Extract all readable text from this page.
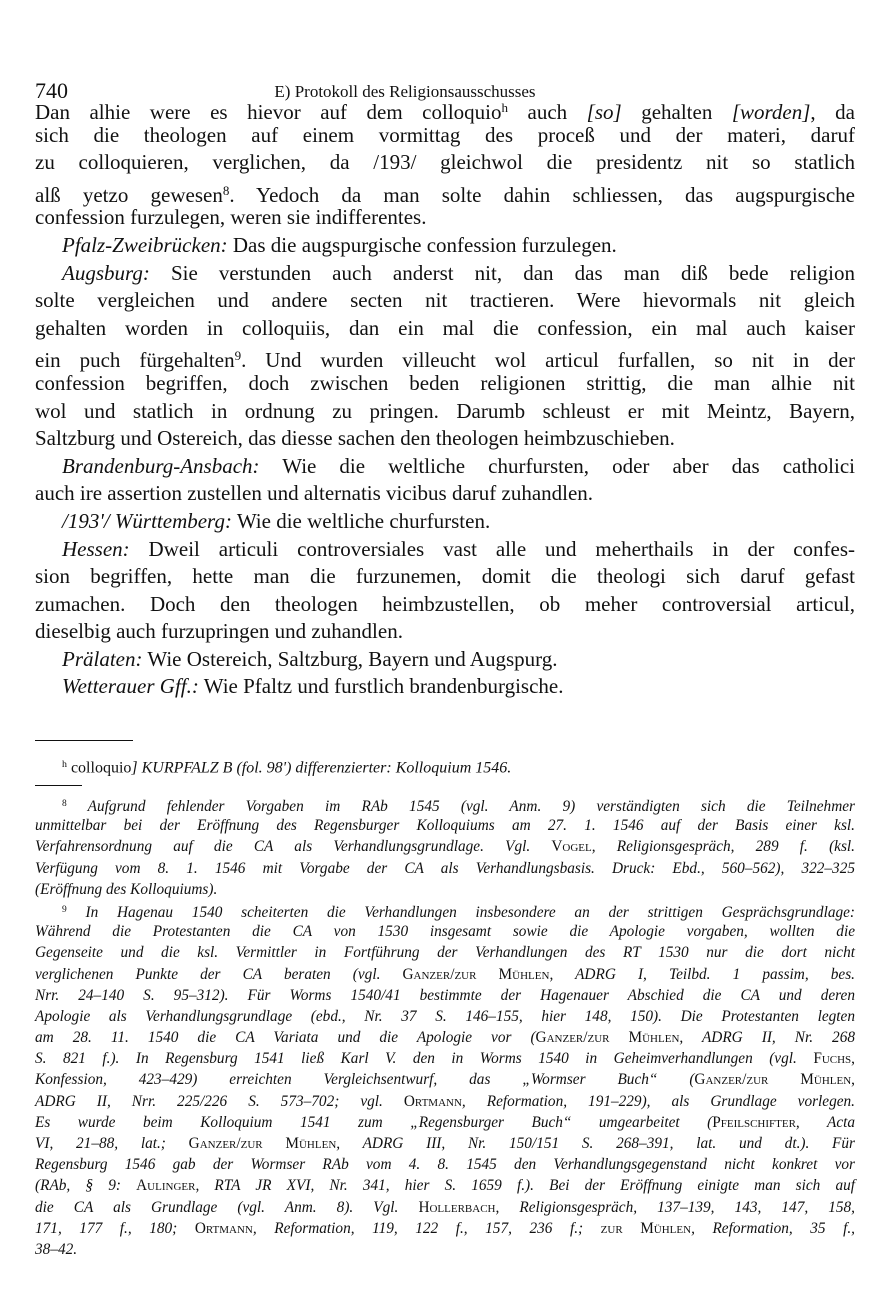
740	E) Protokoll des Religionsausschusses
Dan alhie were es hievor auf dem colloquio$^h$ auch [so] gehalten [worden], da
sich die theologen auf einem vormittag des proceß und der materi, daruf
zu colloquieren, verglichen, da /193/ gleichwol die presidentz nit so statlich
alß yetzo gewesen$^8$. Yedoch da man solte dahin schliessen, das augspurgische
confession furzulegen, weren sie indifferentes.
Pfalz-Zweibrücken: Das die augspurgische confession furzulegen.
Augsburg: Sie verstunden auch anderst nit, dan das man diß bede religion
solte vergleichen und andere secten nit tractieren. Were hievormals nit gleich
gehalten worden in colloquiis, dan ein mal die confession, ein mal auch kaiser
ein puch fürgehalten$^9$. Und wurden villeucht wol articul furfallen, so nit in der
confession begriffen, doch zwischen beden religionen strittig, die man alhie nit
wol und statlich in ordnung zu pringen. Darumb schleust er mit Meintz, Bayern,
Saltzburg und Ostereich, das diesse sachen den theologen heimbzuschieben.
Brandenburg-Ansbach: Wie die weltliche churfursten, oder aber das catholici
auch ire assertion zustellen und alternatis vicibus daruf zuhandlen.
/193'/ Württemberg: Wie die weltliche churfursten.
Hessen: Dweil articuli controversiales vast alle und meherthails in der confes-
sion begriffen, hette man die furzunemen, domit die theologi sich daruf gefast
zumachen. Doch den theologen heimbzustellen, ob meher controversial articul,
dieselbig auch furzupringen und zuhandlen.
Prälaten: Wie Ostereich, Saltzburg, Bayern und Augspurg.
Wetterauer Gff.: Wie Pfaltz und furstlich brandenburgische.
$^h$ colloquio] KURPFALZ B (fol. 98') differenzierter: Kolloquium 1546.
$^8$ Aufgrund fehlender Vorgaben im RAb 1545 (vgl. Anm. 9) verständigten sich die Teilnehmer
unmittelbar bei der Eröffnung des Regensburger Kolloquiums am 27. 1. 1546 auf der Basis einer ksl.
Verfahrensordnung auf die CA als Verhandlungsgrundlage. Vgl. Vogel, Religionsgespräch, 289 f. (ksl.
Verfügung vom 8. 1. 1546 mit Vorgabe der CA als Verhandlungsbasis. Druck: Ebd., 560–562), 322–325
(Eröffnung des Kolloquiums).
$^9$ In Hagenau 1540 scheiterten die Verhandlungen insbesondere an der strittigen Gesprächsgrundlage:
Während die Protestanten die CA von 1530 insgesamt sowie die Apologie vorgaben, wollten die
Gegenseite und die ksl. Vermittler in Fortführung der Verhandlungen des RT 1530 nur die dort nicht
verglichenen Punkte der CA beraten (vgl. Ganzer/zur Mühlen, ADRG I, Teilbd. 1 passim, bes.
Nrr. 24–140 S. 95–312). Für Worms 1540/41 bestimmte der Hagenauer Abschied die CA und deren
Apologie als Verhandlungsgrundlage (ebd., Nr. 37 S. 146–155, hier 148, 150). Die Protestanten legten
am 28. 11. 1540 die CA Variata und die Apologie vor (Ganzer/zur Mühlen, ADRG II, Nr. 268
S. 821 f.). In Regensburg 1541 ließ Karl V. den in Worms 1540 in Geheimverhandlungen (vgl. Fuchs,
Konfession, 423–429) erreichten Vergleichsentwurf, das „Wormser Buch“ (Ganzer/zur Mühlen,
ADRG II, Nrr. 225/226 S. 573–702; vgl. Ortmann, Reformation, 191–229), als Grundlage vorlegen.
Es wurde beim Kolloquium 1541 zum „Regensburger Buch“ umgearbeitet (Pfeilschifter, Acta
VI, 21–88, lat.; Ganzer/zur Mühlen, ADRG III, Nr. 150/151 S. 268–391, lat. und dt.). Für
Regensburg 1546 gab der Wormser RAb vom 4. 8. 1545 den Verhandlungsgegenstand nicht konkret vor
(RAb, § 9: Aulinger, RTA JR XVI, Nr. 341, hier S. 1659 f.). Bei der Eröffnung einigte man sich auf
die CA als Grundlage (vgl. Anm. 8). Vgl. Hollerbach, Religionsgespräch, 137–139, 143, 147, 158,
171, 177 f., 180; Ortmann, Reformation, 119, 122 f., 157, 236 f.; zur Mühlen, Reformation, 35 f.,
38–42.
